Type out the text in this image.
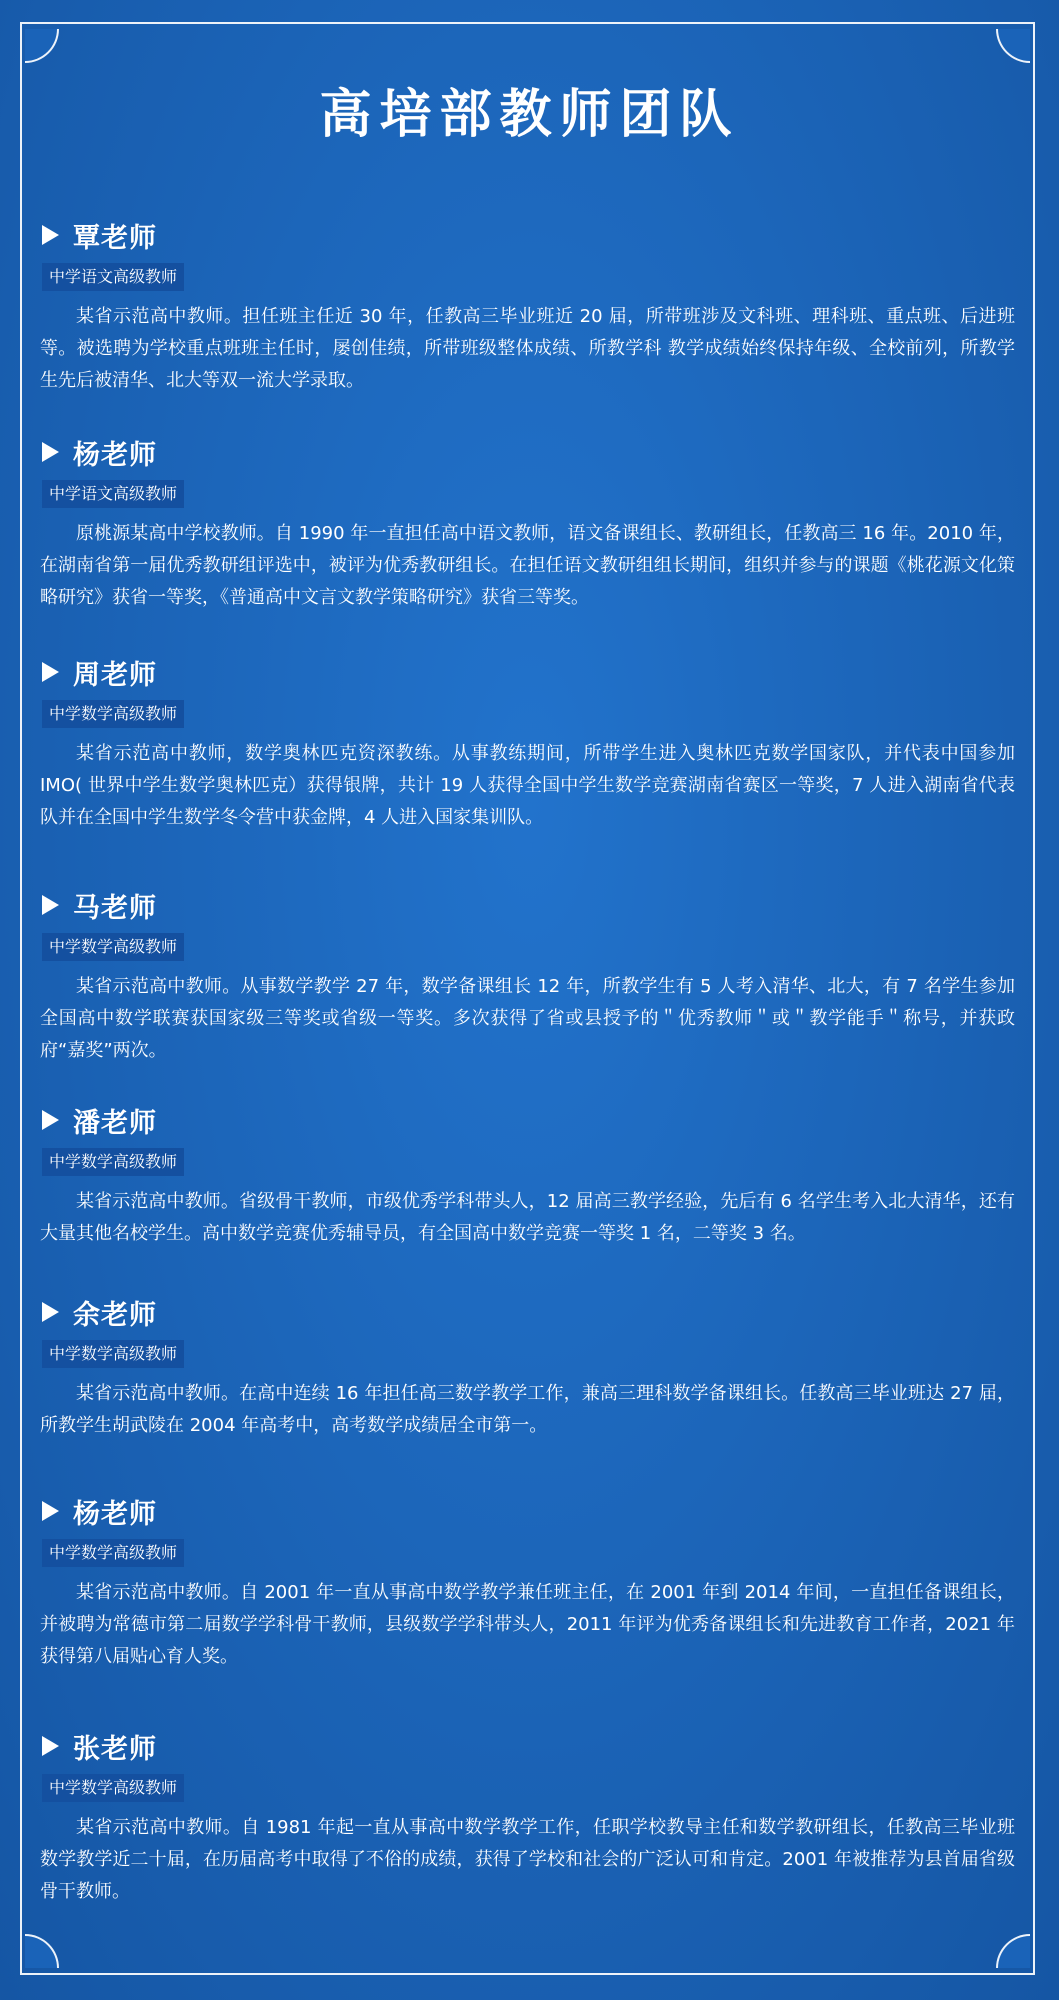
高培部教师团队
覃老师
中学语文高级教师
某省示范高中教师。担任班主任近 30 年，任教高三毕业班近 20 届，所带班涉及文科班、理科班、重点班、后进班等。被选聘为学校重点班班主任时，屡创佳绩，所带班级整体成绩、所教学科 教学成绩始终保持年级、全校前列，所教学生先后被清华、北大等双一流大学录取。
杨老师
中学语文高级教师
原桃源某高中学校教师。自 1990 年一直担任高中语文教师，语文备课组长、教研组长，任教高三 16 年。2010 年，在湖南省第一届优秀教研组评选中，被评为优秀教研组长。在担任语文教研组组长期间，组织并参与的课题《桃花源文化策略研究》获省一等奖，《普通高中文言文教学策略研究》获省三等奖。
周老师
中学数学高级教师
某省示范高中教师，数学奥林匹克资深教练。从事教练期间，所带学生进入奥林匹克数学国家队，并代表中国参加 IMO( 世界中学生数学奥林匹克）获得银牌，共计 19 人获得全国中学生数学竞赛湖南省赛区一等奖，7 人进入湖南省代表队并在全国中学生数学冬令营中获金牌，4 人进入国家集训队。
马老师
中学数学高级教师
某省示范高中教师。从事数学教学 27 年，数学备课组长 12 年，所教学生有 5 人考入清华、北大，有 7 名学生参加全国高中数学联赛获国家级三等奖或省级一等奖。多次获得了省或县授予的＂优秀教师＂或＂教学能手＂称号，并获政府“嘉奖”两次。
潘老师
中学数学高级教师
某省示范高中教师。省级骨干教师，市级优秀学科带头人，12 届高三教学经验，先后有 6 名学生考入北大清华，还有大量其他名校学生。高中数学竞赛优秀辅导员，有全国高中数学竞赛一等奖 1 名，二等奖 3 名。
余老师
中学数学高级教师
某省示范高中教师。在高中连续 16 年担任高三数学教学工作，兼高三理科数学备课组长。任教高三毕业班达 27 届，所教学生胡武陵在 2004 年高考中，高考数学成绩居全市第一。
杨老师
中学数学高级教师
某省示范高中教师。自 2001 年一直从事高中数学教学兼任班主任，在 2001 年到 2014 年间，一直担任备课组长，并被聘为常德市第二届数学学科骨干教师，县级数学学科带头人，2011 年评为优秀备课组长和先进教育工作者，2021 年获得第八届贴心育人奖。
张老师
中学数学高级教师
某省示范高中教师。自 1981 年起一直从事高中数学教学工作，任职学校教导主任和数学教研组长，任教高三毕业班数学教学近二十届，在历届高考中取得了不俗的成绩，获得了学校和社会的广泛认可和肯定。2001 年被推荐为县首届省级骨干教师。
